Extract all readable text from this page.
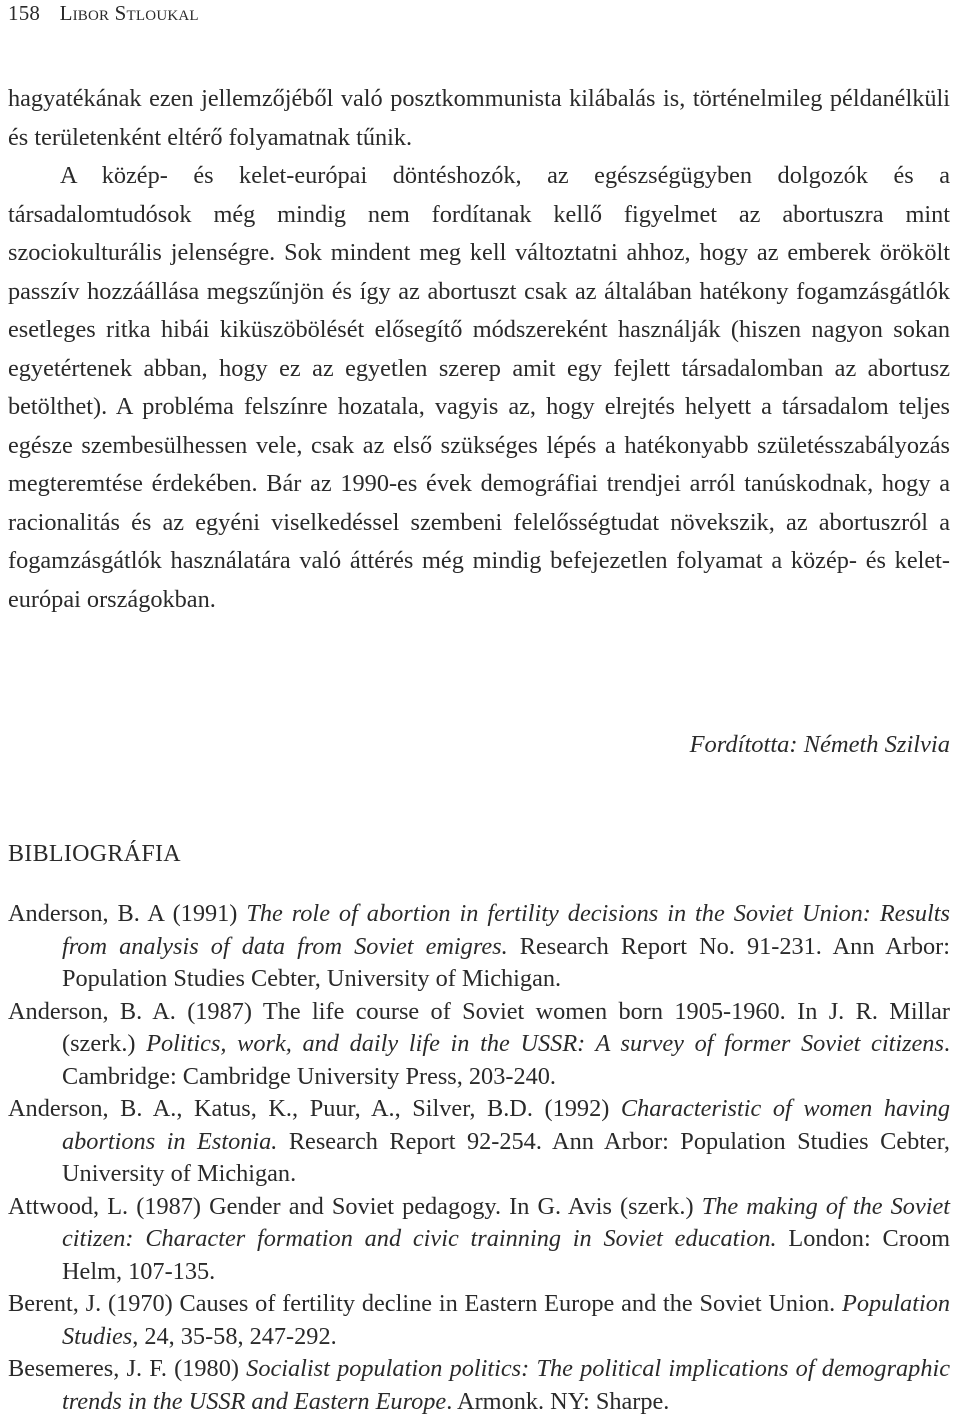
158 Libor Stloukal

hagyatékának ezen jellemzőjéből való posztkommunista kilábalás is, történelmileg példanélküli és területenként eltérő folyamatnak tűnik.

A közép- és kelet-európai döntéshozók, az egészségügyben dolgozók és a társadalomtudósok még mindig nem fordítanak kellő figyelmet az abortuszra mint szociokulturális jelenségre. Sok mindent meg kell változtatni ahhoz, hogy az emberek örökölt passzív hozzáállása megszűnjön és így az abortuszt csak az általában hatékony fogamzásgátlók esetleges ritka hibái kiküszöbölését elősegítő módszereként használják (hiszen nagyon sokan egyetértenek abban, hogy ez az egyetlen szerep amit egy fejlett társadalomban az abortusz betölthet). A probléma felszínre hozatala, vagyis az, hogy elrejtés helyett a társadalom teljes egésze szembesülhessen vele, csak az első szükséges lépés a hatékonyabb születésszabályozás megteremtése érdekében. Bár az 1990-es évek demográfiai trendjei arról tanúskodnak, hogy a racionalitás és az egyéni viselkedéssel szembeni felelősségtudat növekszik, az abortuszról a fogamzásgátlók használatára való áttérés még mindig befejezetlen folyamat a közép- és kelet-európai országokban.

Fordította: Németh Szilvia
BIBLIOGRÁFIA
Anderson, B. A (1991) The role of abortion in fertility decisions in the Soviet Union: Results from analysis of data from Soviet emigres. Research Report No. 91-231. Ann Arbor: Population Studies Cebter, University of Michigan.
Anderson, B. A. (1987) The life course of Soviet women born 1905-1960. In J. R. Millar (szerk.) Politics, work, and daily life in the USSR: A survey of former Soviet citizens. Cambridge: Cambridge University Press, 203-240.
Anderson, B. A., Katus, K., Puur, A., Silver, B.D. (1992) Characteristic of women having abortions in Estonia. Research Report 92-254. Ann Arbor: Population Studies Cebter, University of Michigan.
Attwood, L. (1987) Gender and Soviet pedagogy. In G. Avis (szerk.) The making of the Soviet citizen: Character formation and civic trainning in Soviet education. London: Croom Helm, 107-135.
Berent, J. (1970) Causes of fertility decline in Eastern Europe and the Soviet Union. Population Studies, 24, 35-58, 247-292.
Besemeres, J. F. (1980) Socialist population politics: The political implications of demographic trends in the USSR and Eastern Europe. Armonk. NY: Sharpe.
